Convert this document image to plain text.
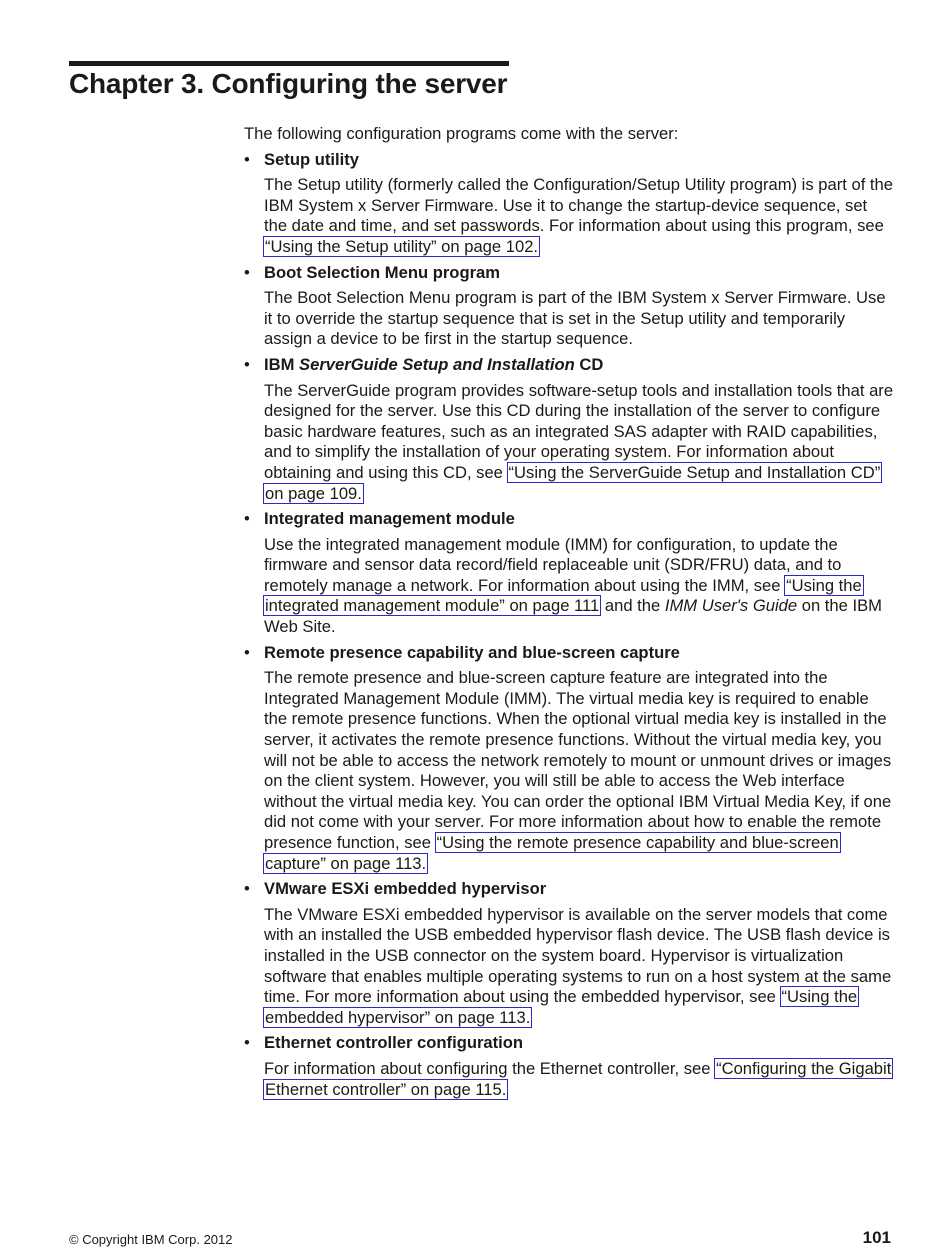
Chapter 3. Configuring the server

The following configuration programs come with the server:

• Setup utility

The Setup utility (formerly called the Configuration/Setup Utility program) is part of the IBM System x Server Firmware. Use it to change the startup-device sequence, set the date and time, and set passwords. For information about using this program, see “Using the Setup utility” on page 102.

• Boot Selection Menu program

The Boot Selection Menu program is part of the IBM System x Server Firmware. Use it to override the startup sequence that is set in the Setup utility and temporarily assign a device to be first in the startup sequence.

• IBM ServerGuide Setup and Installation CD

The ServerGuide program provides software-setup tools and installation tools that are designed for the server. Use this CD during the installation of the server to configure basic hardware features, such as an integrated SAS adapter with RAID capabilities, and to simplify the installation of your operating system. For information about obtaining and using this CD, see “Using the ServerGuide Setup and Installation CD” on page 109.

• Integrated management module

Use the integrated management module (IMM) for configuration, to update the firmware and sensor data record/field replaceable unit (SDR/FRU) data, and to remotely manage a network. For information about using the IMM, see “Using the integrated management module” on page 111 and the IMM User's Guide on the IBM Web Site.

• Remote presence capability and blue-screen capture

The remote presence and blue-screen capture feature are integrated into the Integrated Management Module (IMM). The virtual media key is required to enable the remote presence functions. When the optional virtual media key is installed in the server, it activates the remote presence functions. Without the virtual media key, you will not be able to access the network remotely to mount or unmount drives or images on the client system. However, you will still be able to access the Web interface without the virtual media key. You can order the optional IBM Virtual Media Key, if one did not come with your server. For more information about how to enable the remote presence function, see “Using the remote presence capability and blue-screen capture” on page 113.

• VMware ESXi embedded hypervisor

The VMware ESXi embedded hypervisor is available on the server models that come with an installed the USB embedded hypervisor flash device. The USB flash device is installed in the USB connector on the system board. Hypervisor is virtualization software that enables multiple operating systems to run on a host system at the same time. For more information about using the embedded hypervisor, see “Using the embedded hypervisor” on page 113.

• Ethernet controller configuration

For information about configuring the Ethernet controller, see “Configuring the Gigabit Ethernet controller” on page 115.

© Copyright IBM Corp. 2012	101
